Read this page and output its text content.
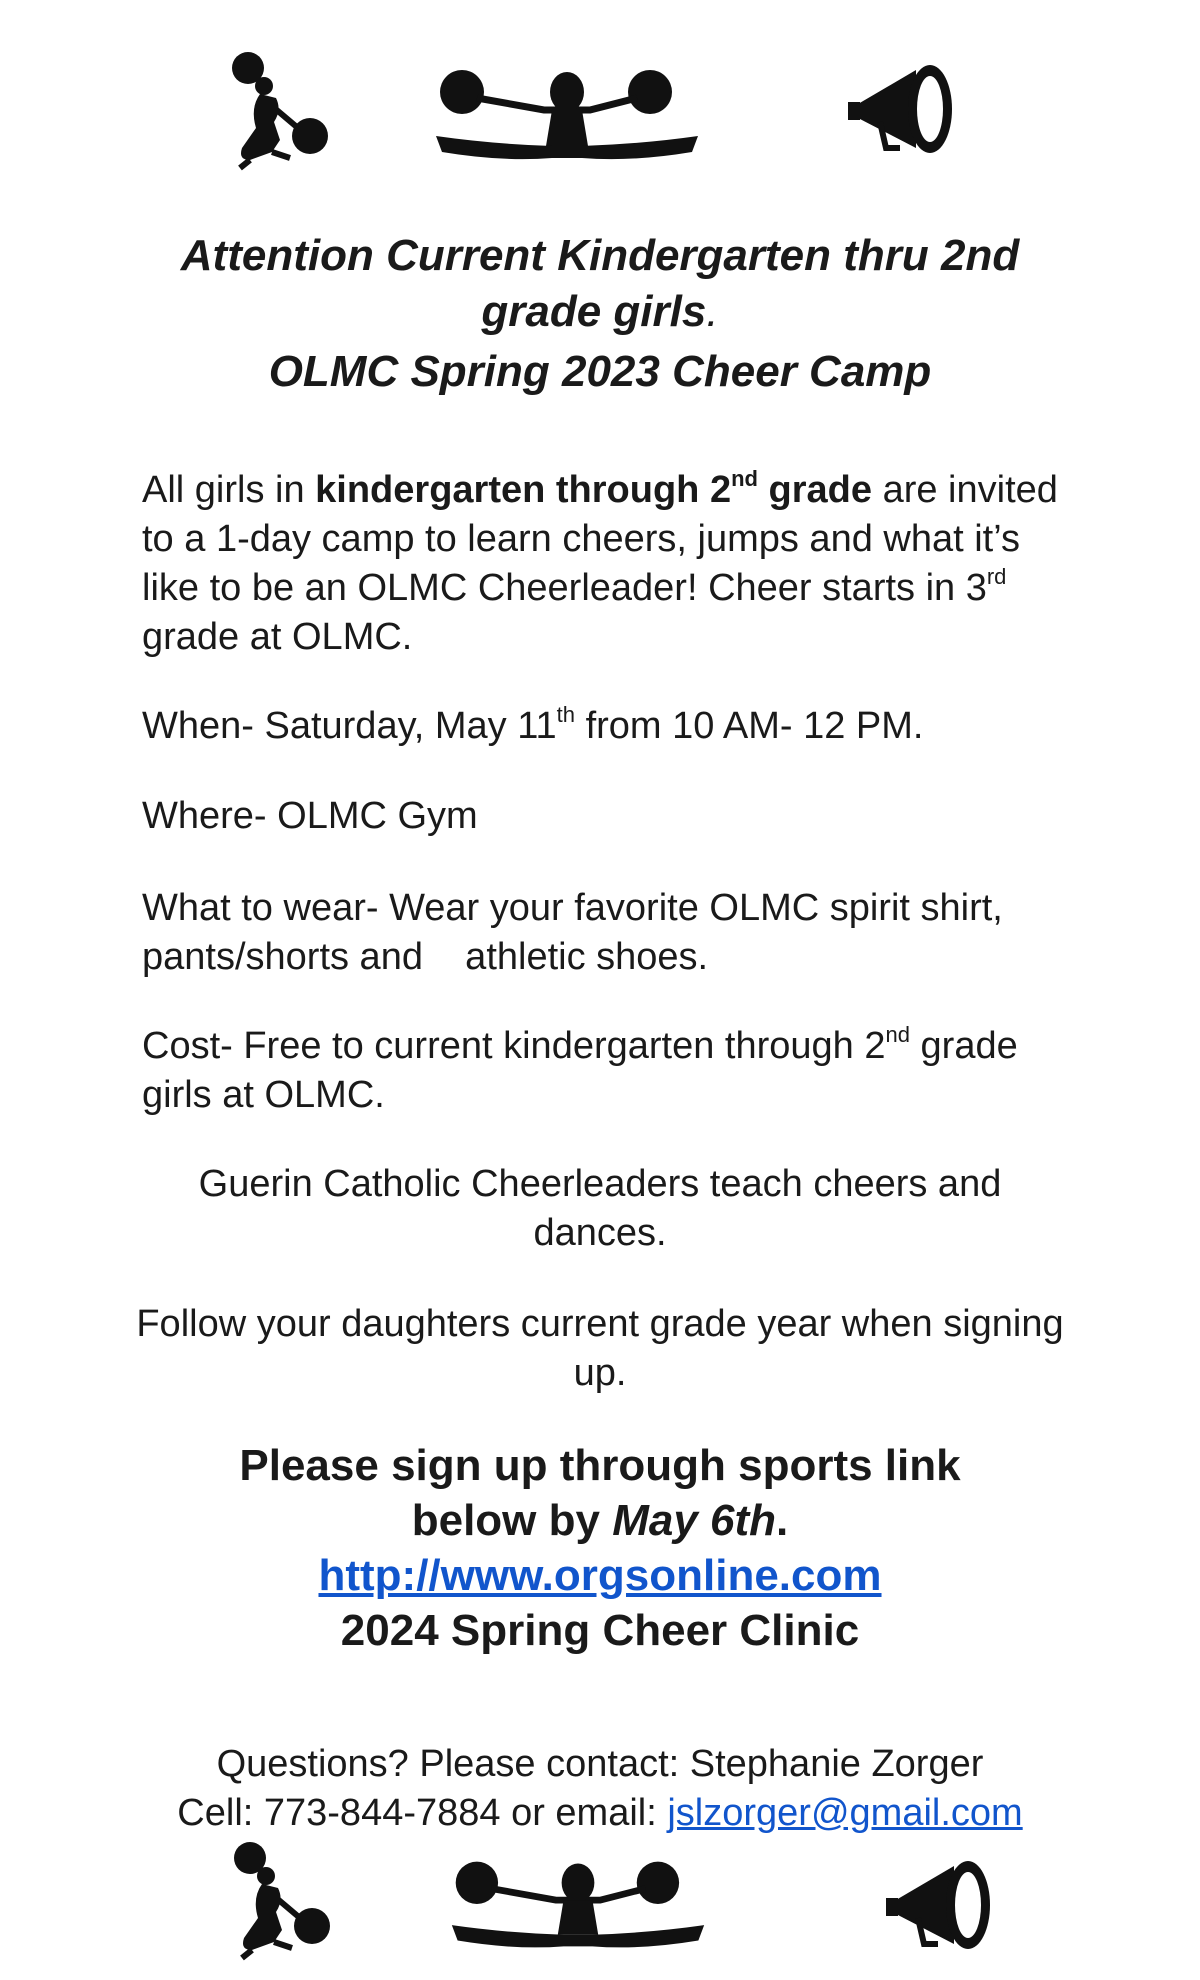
Attention Current Kindergarten thru 2nd
grade girls.
OLMC Spring 2023 Cheer Camp
All girls in kindergarten through 2nd grade are invited to a 1-day camp to learn cheers, jumps and what it’s like to be an OLMC Cheerleader! Cheer starts in 3rd grade at OLMC.
When- Saturday, May 11th from 10 AM- 12 PM.
Where- OLMC Gym
What to wear- Wear your favorite OLMC spirit shirt, pants/shorts and    athletic shoes.
Cost- Free to current kindergarten through 2nd grade girls at OLMC.
Guerin Catholic Cheerleaders teach cheers and dances.
Follow your daughters current grade year when signing up.
Please sign up through sports link
below by May 6th.
http://www.orgsonline.com
2024 Spring Cheer Clinic
Questions? Please contact: Stephanie Zorger
Cell: 773-844-7884 or email: jslzorger@gmail.com
